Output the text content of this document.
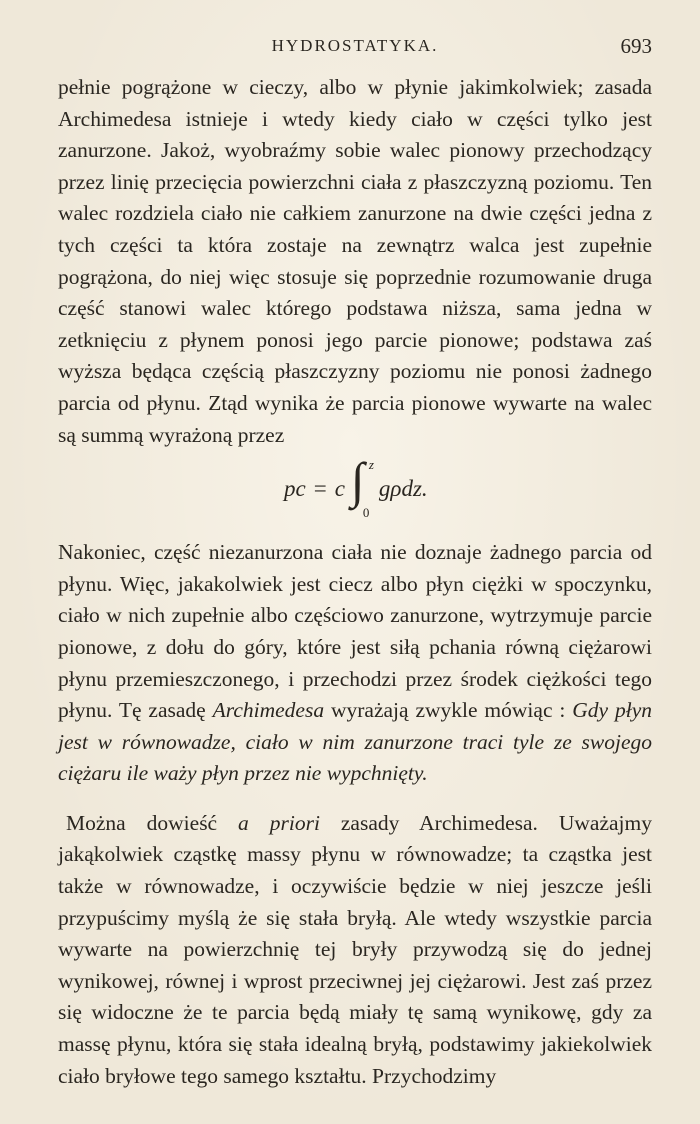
HYDROSTATYKA.	693

pełnie pogrążone w cieczy, albo w płynie jakimkolwiek; zasada Archimedesa istnieje i wtedy kiedy ciało w części tylko jest zanurzone. Jakoż, wyobraźmy sobie walec pionowy przechodzący przez linię przecięcia powierzchni ciała z płaszczyzną poziomu. Ten walec rozdziela ciało nie całkiem zanurzone na dwie części jedna z tych części ta która zostaje na zewnątrz walca jest zupełnie pogrążona, do niej więc stosuje się poprzednie rozumowanie druga część stanowi walec którego podstawa niższa, sama jedna w zetknięciu z płynem ponosi jego parcie pionowe; podstawa zaś wyższa będąca częścią płaszczyzny poziomu nie ponosi żadnego parcia od płynu. Ztąd wynika że parcia pionowe wywarte na walec są summą wyrażoną przez

pc = c ∫ z
0
gρdz.

Nakoniec, część niezanurzona ciała nie doznaje żadnego parcia od płynu. Więc, jakakolwiek jest ciecz albo płyn ciężki w spoczynku, ciało w nich zupełnie albo częściowo zanurzone, wytrzymuje parcie pionowe, z dołu do góry, które jest siłą pchania równą ciężarowi płynu przemieszczonego, i przechodzi przez środek ciężkości tego płynu. Tę zasadę Archimedesa wyrażają zwykle mówiąc : Gdy płyn jest w równowadze, ciało w nim zanurzone traci tyle ze swojego ciężaru ile waży płyn przez nie wypchnięty.

Można dowieść a priori zasady Archimedesa. Uważajmy jakąkolwiek cząstkę massy płynu w równowadze; ta cząstka jest także w równowadze, i oczywiście będzie w niej jeszcze jeśli przypuścimy myślą że się stała bryłą. Ale wtedy wszystkie parcia wywarte na powierzchnię tej bryły przywodzą się do jednej wynikowej, równej i wprost przeciwnej jej ciężarowi. Jest zaś przez się widoczne że te parcia będą miały tę samą wynikowę, gdy za massę płynu, która się stała idealną bryłą, podstawimy jakiekolwiek ciało bryłowe tego samego kształtu. Przychodzimy
